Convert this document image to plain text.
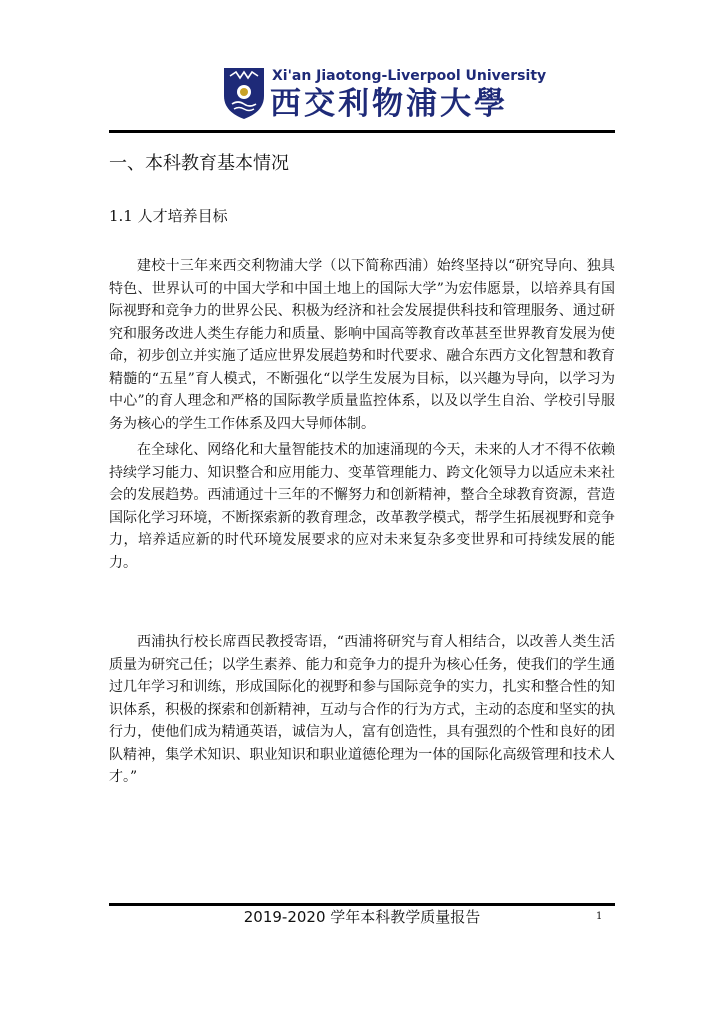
Xi'an Jiaotong-Liverpool University
西交利物浦大學
一、本科教育基本情况
1.1 人才培养目标

建校十三年来西交利物浦大学（以下简称西浦）始终坚持以“研究导向、独具特色、世界认可的中国大学和中国土地上的国际大学”为宏伟愿景，以培养具有国际视野和竞争力的世界公民、积极为经济和社会发展提供科技和管理服务、通过研究和服务改进人类生存能力和质量、影响中国高等教育改革甚至世界教育发展为使命，初步创立并实施了适应世界发展趋势和时代要求、融合东西方文化智慧和教育精髓的“五星”育人模式，不断强化“以学生发展为目标，以兴趣为导向，以学习为中心”的育人理念和严格的国际教学质量监控体系，以及以学生自治、学校引导服务为核心的学生工作体系及四大导师体制。

在全球化、网络化和大量智能技术的加速涌现的今天，未来的人才不得不依赖持续学习能力、知识整合和应用能力、变革管理能力、跨文化领导力以适应未来社会的发展趋势。西浦通过十三年的不懈努力和创新精神，整合全球教育资源，营造国际化学习环境，不断探索新的教育理念，改革教学模式，帮学生拓展视野和竞争力，培养适应新的时代环境发展要求的应对未来复杂多变世界和可持续发展的能力。

西浦执行校长席酉民教授寄语，“西浦将研究与育人相结合，以改善人类生活质量为研究己任；以学生素养、能力和竞争力的提升为核心任务，使我们的学生通过几年学习和训练，形成国际化的视野和参与国际竞争的实力，扎实和整合性的知识体系，积极的探索和创新精神，互动与合作的行为方式，主动的态度和坚实的执行力，使他们成为精通英语，诚信为人，富有创造性，具有强烈的个性和良好的团队精神，集学术知识、职业知识和职业道德伦理为一体的国际化高级管理和技术人才。”

2019-2020 学年本科教学质量报告	1
